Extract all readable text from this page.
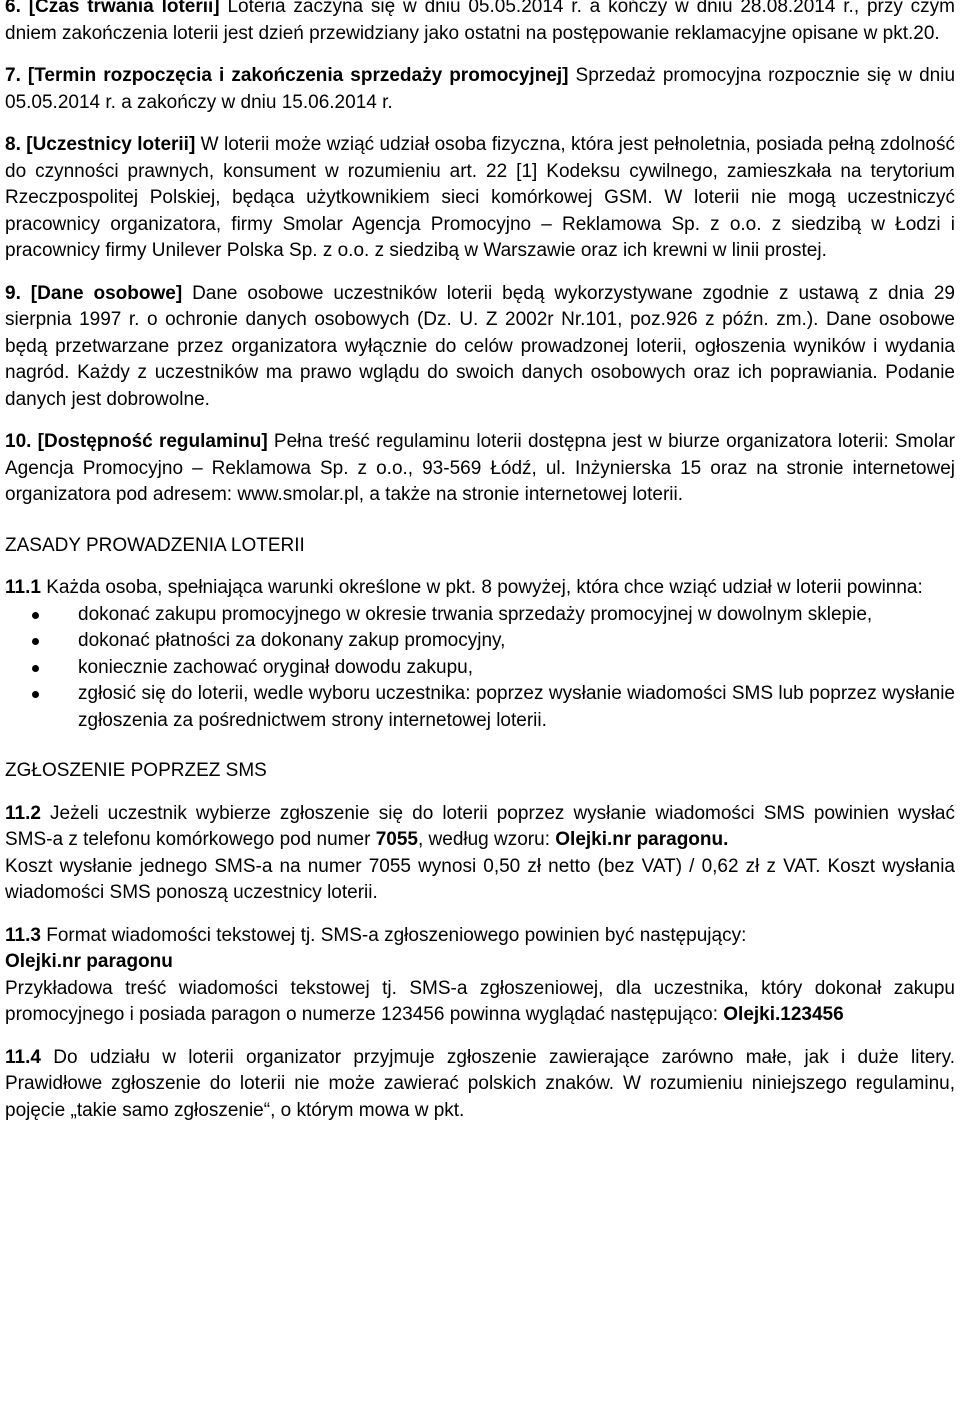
6. [Czas trwania loterii] Loteria zaczyna się w dniu 05.05.2014 r. a kończy w dniu 28.08.2014 r., przy czym dniem zakończenia loterii jest dzień przewidziany jako ostatni na postępowanie reklamacyjne opisane w pkt.20.

7. [Termin rozpoczęcia i zakończenia sprzedaży promocyjnej] Sprzedaż promocyjna rozpocznie się w dniu 05.05.2014 r. a zakończy w dniu 15.06.2014 r.

8. [Uczestnicy loterii] W loterii może wziąć udział osoba fizyczna, która jest pełnoletnia, posiada pełną zdolność do czynności prawnych, konsument w rozumieniu art. 22 [1] Kodeksu cywilnego, zamieszkała na terytorium Rzeczpospolitej Polskiej, będąca użytkownikiem sieci komórkowej GSM. W loterii nie mogą uczestniczyć pracownicy organizatora, firmy Smolar Agencja Promocyjno – Reklamowa Sp. z o.o. z siedzibą w Łodzi i pracownicy firmy Unilever Polska Sp. z o.o. z siedzibą w Warszawie oraz ich krewni w linii prostej.

9. [Dane osobowe] Dane osobowe uczestników loterii będą wykorzystywane zgodnie z ustawą z dnia 29 sierpnia 1997 r. o ochronie danych osobowych (Dz. U. Z 2002r Nr.101, poz.926 z późn. zm.). Dane osobowe będą przetwarzane przez organizatora wyłącznie do celów prowadzonej loterii, ogłoszenia wyników i wydania nagród. Każdy z uczestników ma prawo wglądu do swoich danych osobowych oraz ich poprawiania. Podanie danych jest dobrowolne.

10. [Dostępność regulaminu] Pełna treść regulaminu loterii dostępna jest w biurze organizatora loterii: Smolar Agencja Promocyjno – Reklamowa Sp. z o.o., 93-569 Łódź, ul. Inżynierska 15 oraz na stronie internetowej organizatora pod adresem: www.smolar.pl, a także na stronie internetowej loterii.

ZASADY PROWADZENIA LOTERII

11.1 Każda osoba, spełniająca warunki określone w pkt. 8 powyżej, która chce wziąć udział w loterii powinna:

dokonać zakupu promocyjnego w okresie trwania sprzedaży promocyjnej w dowolnym sklepie,
dokonać płatności za dokonany zakup promocyjny,
koniecznie zachować oryginał dowodu zakupu,
zgłosić się do loterii, wedle wyboru uczestnika: poprzez wysłanie wiadomości SMS lub poprzez wysłanie zgłoszenia za pośrednictwem strony internetowej loterii.

ZGŁOSZENIE POPRZEZ SMS

11.2 Jeżeli uczestnik wybierze zgłoszenie się do loterii poprzez wysłanie wiadomości SMS powinien wysłać SMS-a z telefonu komórkowego pod numer 7055, według wzoru: Olejki.nr paragonu.

Koszt wysłanie jednego SMS-a na numer 7055 wynosi 0,50 zł netto (bez VAT) / 0,62 zł z VAT. Koszt wysłania wiadomości SMS ponoszą uczestnicy loterii.

11.3 Format wiadomości tekstowej tj. SMS-a zgłoszeniowego powinien być następujący:

Olejki.nr paragonu

Przykładowa treść wiadomości tekstowej tj. SMS-a zgłoszeniowej, dla uczestnika, który dokonał zakupu promocyjnego i posiada paragon o numerze 123456 powinna wyglądać następująco: Olejki.123456

11.4 Do udziału w loterii organizator przyjmuje zgłoszenie zawierające zarówno małe, jak i duże litery. Prawidłowe zgłoszenie do loterii nie może zawierać polskich znaków. W rozumieniu niniejszego regulaminu, pojęcie „takie samo zgłoszenie“, o którym mowa w pkt.
